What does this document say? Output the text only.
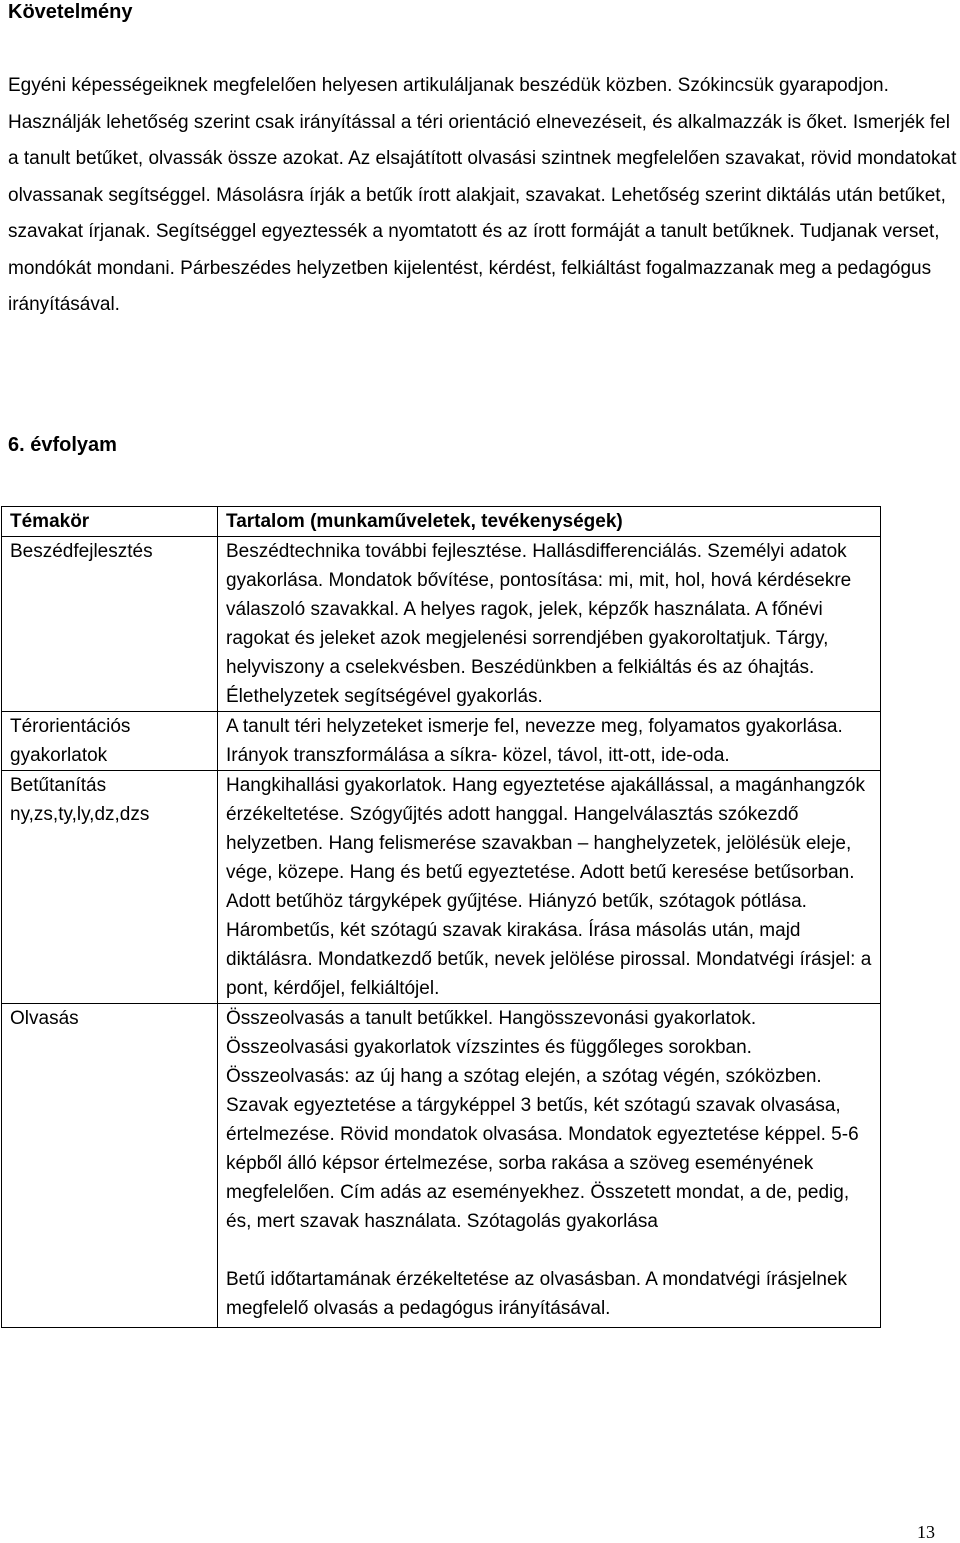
Követelmény

Egyéni képességeiknek megfelelően helyesen artikuláljanak beszédük közben. Szókincsük gyarapodjon. Használják lehetőség szerint csak irányítással a téri orientáció elnevezéseit, és alkalmazzák is őket. Ismerjék fel a tanult betűket, olvassák össze azokat. Az elsajátított olvasási szintnek megfelelően szavakat, rövid mondatokat olvassanak segítséggel. Másolásra írják a betűk írott alakjait, szavakat. Lehetőség szerint diktálás után betűket, szavakat írjanak. Segítséggel egyeztessék a nyomtatott és az írott formáját a tanult betűknek. Tudjanak verset, mondókát mondani. Párbeszédes helyzetben kijelentést, kérdést, felkiáltást fogalmazzanak meg a pedagógus irányításával.

6. évfolyam
Témakör	Tartalom (munkaműveletek, tevékenységek)
Beszédfejlesztés	Beszédtechnika további fejlesztése. Hallásdifferenciálás. Személyi adatok gyakorlása. Mondatok bővítése, pontosítása: mi, mit, hol, hová kérdésekre válaszoló szavakkal. A helyes ragok, jelek, képzők használata. A főnévi ragokat és jeleket azok megjelenési sorrendjében gyakoroltatjuk. Tárgy, helyviszony a cselekvésben. Beszédünkben a felkiáltás és az óhajtás. Élethelyzetek segítségével gyakorlás.
Térorientációs gyakorlatok	A tanult téri helyzeteket ismerje fel, nevezze meg, folyamatos gyakorlása. Irányok transzformálása a síkra- közel, távol, itt-ott, ide-oda.
Betűtanítás ny,zs,ty,ly,dz,dzs	Hangkihallási gyakorlatok. Hang egyeztetése ajakállással, a magánhangzók érzékeltetése. Szógyűjtés adott hanggal. Hangelválasztás szókezdő helyzetben. Hang felismerése szavakban – hanghelyzetek, jelölésük eleje, vége, közepe. Hang és betű egyeztetése. Adott betű keresése betűsorban. Adott betűhöz tárgyképek gyűjtése. Hiányzó betűk, szótagok pótlása. Hárombetűs, két szótagú szavak kirakása. Írása másolás után, majd diktálásra. Mondatkezdő betűk, nevek jelölése pirossal. Mondatvégi írásjel: a pont, kérdőjel, felkiáltójel.
Olvasás	Összeolvasás a tanult betűkkel. Hangösszevonási gyakorlatok. Összeolvasási gyakorlatok vízszintes és függőleges sorokban. Összeolvasás: az új hang a szótag elején, a szótag végén, szóközben. Szavak egyeztetése a tárgyképpel 3 betűs, két szótagú szavak olvasása, értelmezése. Rövid mondatok olvasása. Mondatok egyeztetése képpel. 5-6 képből álló képsor értelmezése, sorba rakása a szöveg eseményének megfelelően. Cím adás az eseményekhez. Összetett mondat, a de, pedig, és, mert szavak használata. Szótagolás gyakorlása

Betű időtartamának érzékeltetése az olvasásban. A mondatvégi írásjelnek megfelelő olvasás a pedagógus irányításával.

13
